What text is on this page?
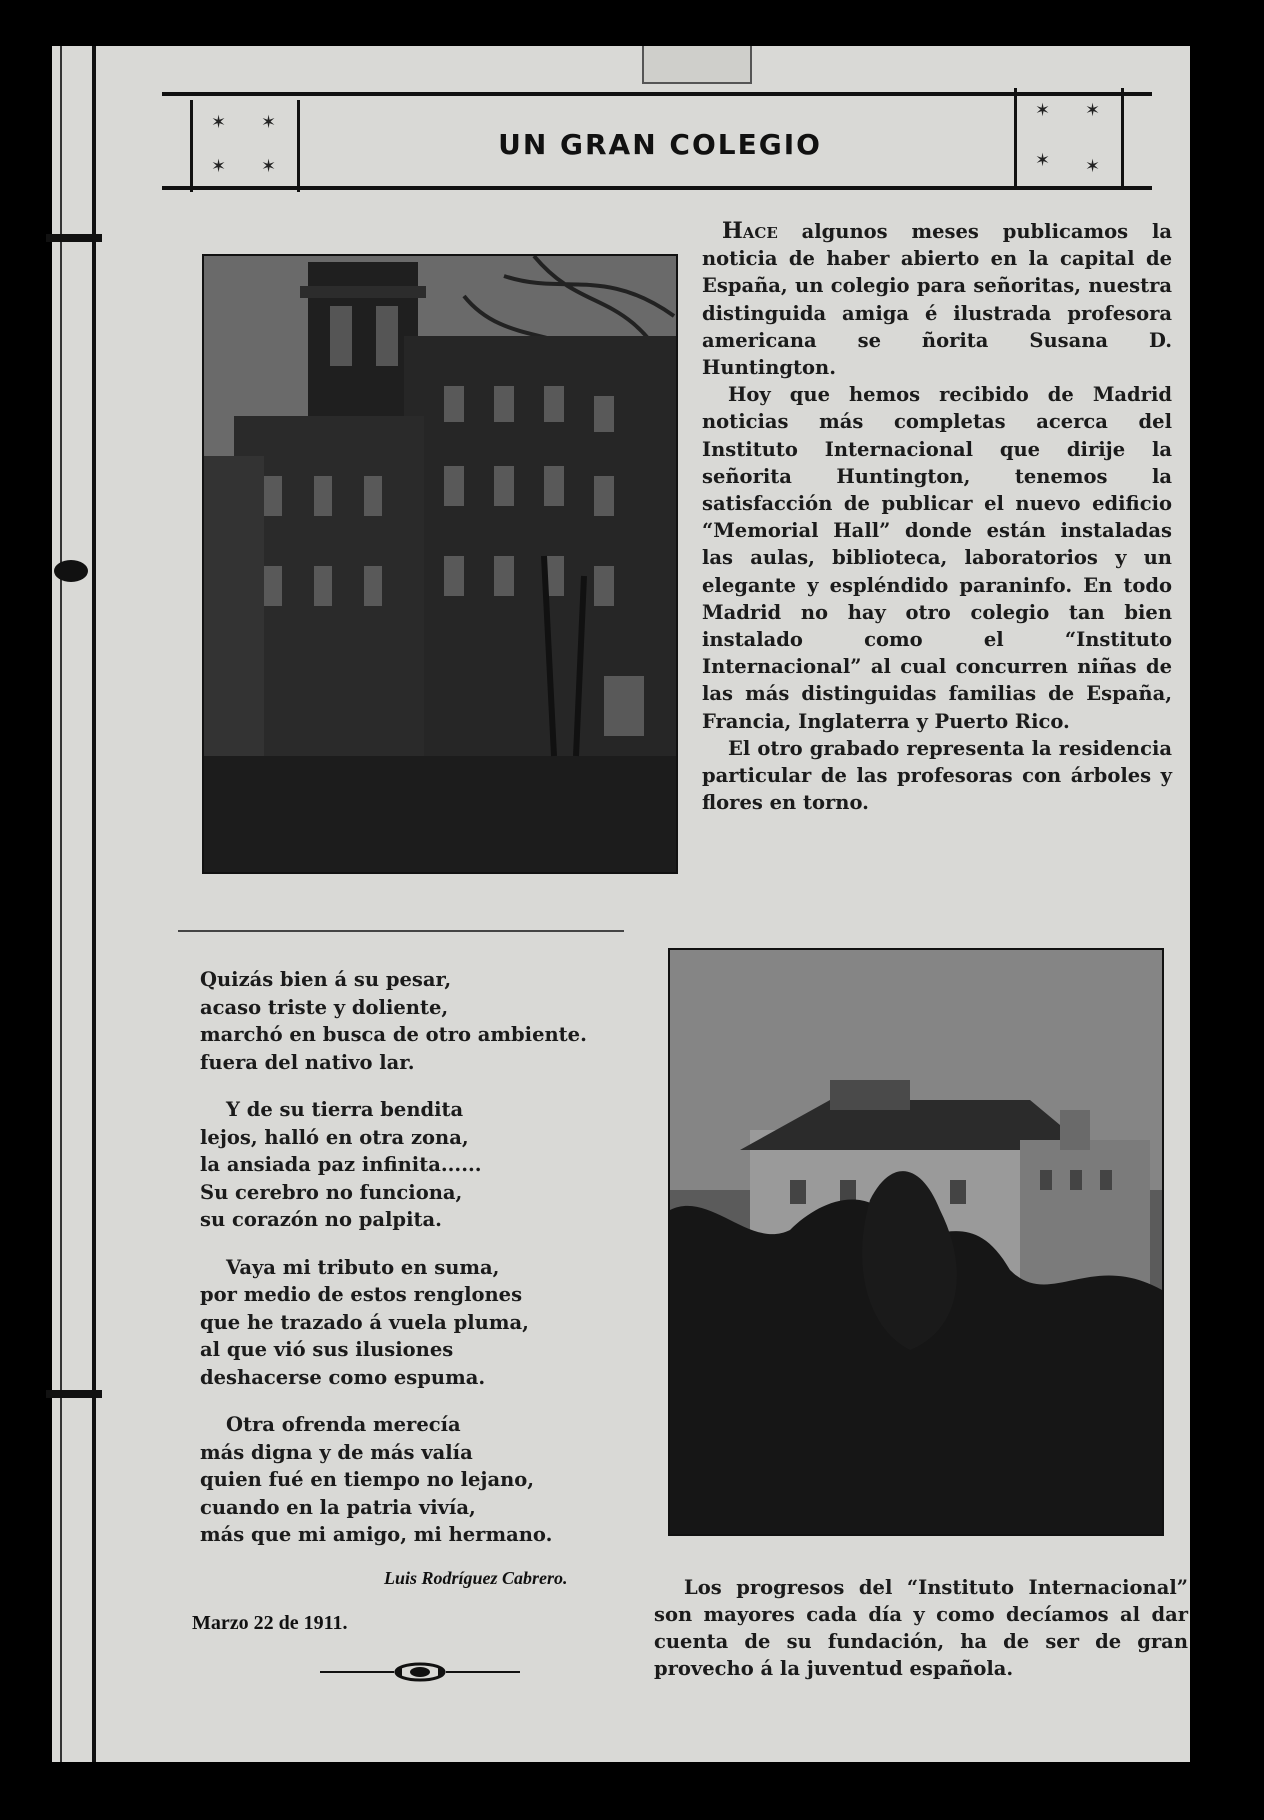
✶ ✶
✶ ✶
✶ ✶
✶ ✶
UN GRAN COLEGIO

Hace algunos meses publicamos la noticia de haber abierto en la capital de España, un colegio para señoritas, nuestra distinguida amiga é ilustrada profesora americana se ñorita Susana D. Huntington.

Hoy que hemos recibido de Madrid noticias más completas acerca del Instituto Internacional que dirije la señorita Huntington, tenemos la satisfacción de publicar el nuevo edificio “Memorial Hall” donde están instaladas las aulas, biblioteca, laboratorios y un elegante y espléndido paraninfo. En todo Madrid no hay otro colegio tan bien instalado como el “Instituto Internacional” al cual concurren niñas de las más distinguidas familias de España, Francia, Inglaterra y Puerto Rico.

El otro grabado representa la residencia particular de las profesoras con árboles y flores en torno.

Quizás bien á su pesar,
acaso triste y doliente,
marchó en busca de otro ambiente.
fuera del nativo lar.
Y de su tierra bendita
lejos, halló en otra zona,
la ansiada paz infinita......
Su cerebro no funciona,
su corazón no palpita.
Vaya mi tributo en suma,
por medio de estos renglones
que he trazado á vuela pluma,
al que vió sus ilusiones
deshacerse como espuma.
Otra ofrenda merecía
más digna y de más valía
quien fué en tiempo no lejano,
cuando en la patria vivía,
más que mi amigo, mi hermano.
Luis Rodríguez Cabrero.
Marzo 22 de 1911.

Los progresos del “Instituto Internacional” son mayores cada día y como decíamos al dar cuenta de su fundación, ha de ser de gran provecho á la juventud española.
